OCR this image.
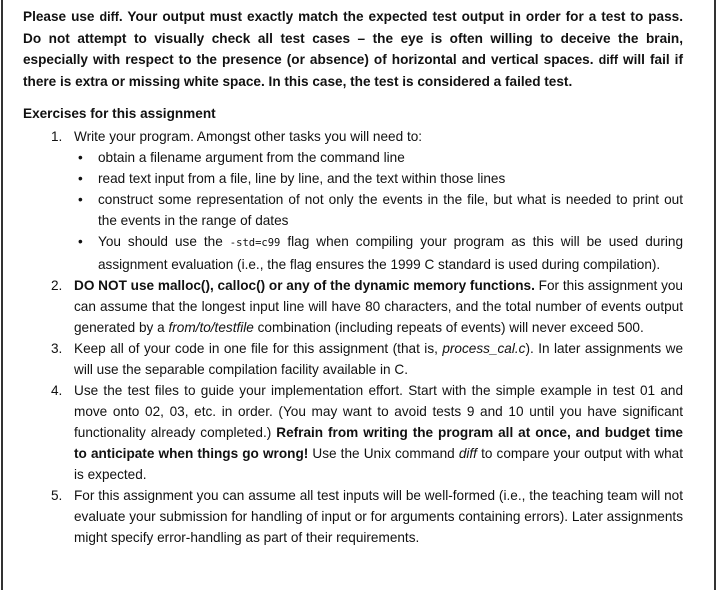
Please use diff. Your output must exactly match the expected test output in order for a test to pass. Do not attempt to visually check all test cases – the eye is often willing to deceive the brain, especially with respect to the presence (or absence) of horizontal and vertical spaces. diff will fail if there is extra or missing white space. In this case, the test is considered a failed test.

Exercises for this assignment
1. Write your program. Amongst other tasks you will need to:
• obtain a filename argument from the command line
• read text input from a file, line by line, and the text within those lines
• construct some representation of not only the events in the file, but what is needed to print out the events in the range of dates
• You should use the -std=c99 flag when compiling your program as this will be used during assignment evaluation (i.e., the flag ensures the 1999 C standard is used during compilation).
2. DO NOT use malloc(), calloc() or any of the dynamic memory functions. For this assignment you can assume that the longest input line will have 80 characters, and the total number of events output generated by a from/to/testfile combination (including repeats of events) will never exceed 500.
3. Keep all of your code in one file for this assignment (that is, process_cal.c). In later assignments we will use the separable compilation facility available in C.
4. Use the test files to guide your implementation effort. Start with the simple example in test 01 and move onto 02, 03, etc. in order. (You may want to avoid tests 9 and 10 until you have significant functionality already completed.) Refrain from writing the program all at once, and budget time to anticipate when things go wrong! Use the Unix command diff to compare your output with what is expected.
5. For this assignment you can assume all test inputs will be well-formed (i.e., the teaching team will not evaluate your submission for handling of input or for arguments containing errors). Later assignments might specify error-handling as part of their requirements.
